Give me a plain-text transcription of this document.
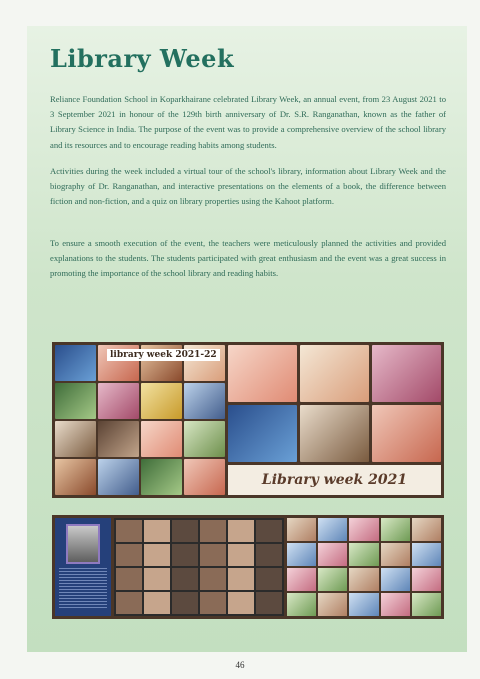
Library Week

Reliance Foundation School in Koparkhairane celebrated Library Week, an annual event, from 23 August 2021 to 3 September 2021 in honour of the 129th birth anniversary of Dr. S.R. Ranganathan, known as the father of Library Science in India. The purpose of the event was to provide a comprehensive overview of the school library and its resources and to encourage reading habits among students.

Activities during the week included a virtual tour of the school's library, information about Library Week and the biography of Dr. Ranganathan, and interactive presentations on the elements of a book, the difference between fiction and non-fiction, and a quiz on library properties using the Kahoot platform.

To ensure a smooth execution of the event, the teachers were meticulously planned the activities and provided explanations to the students. The students participated with great enthusiasm and the event was a great success in promoting the importance of the school library and reading habits.

library week 2021-22
Library week 2021
46
